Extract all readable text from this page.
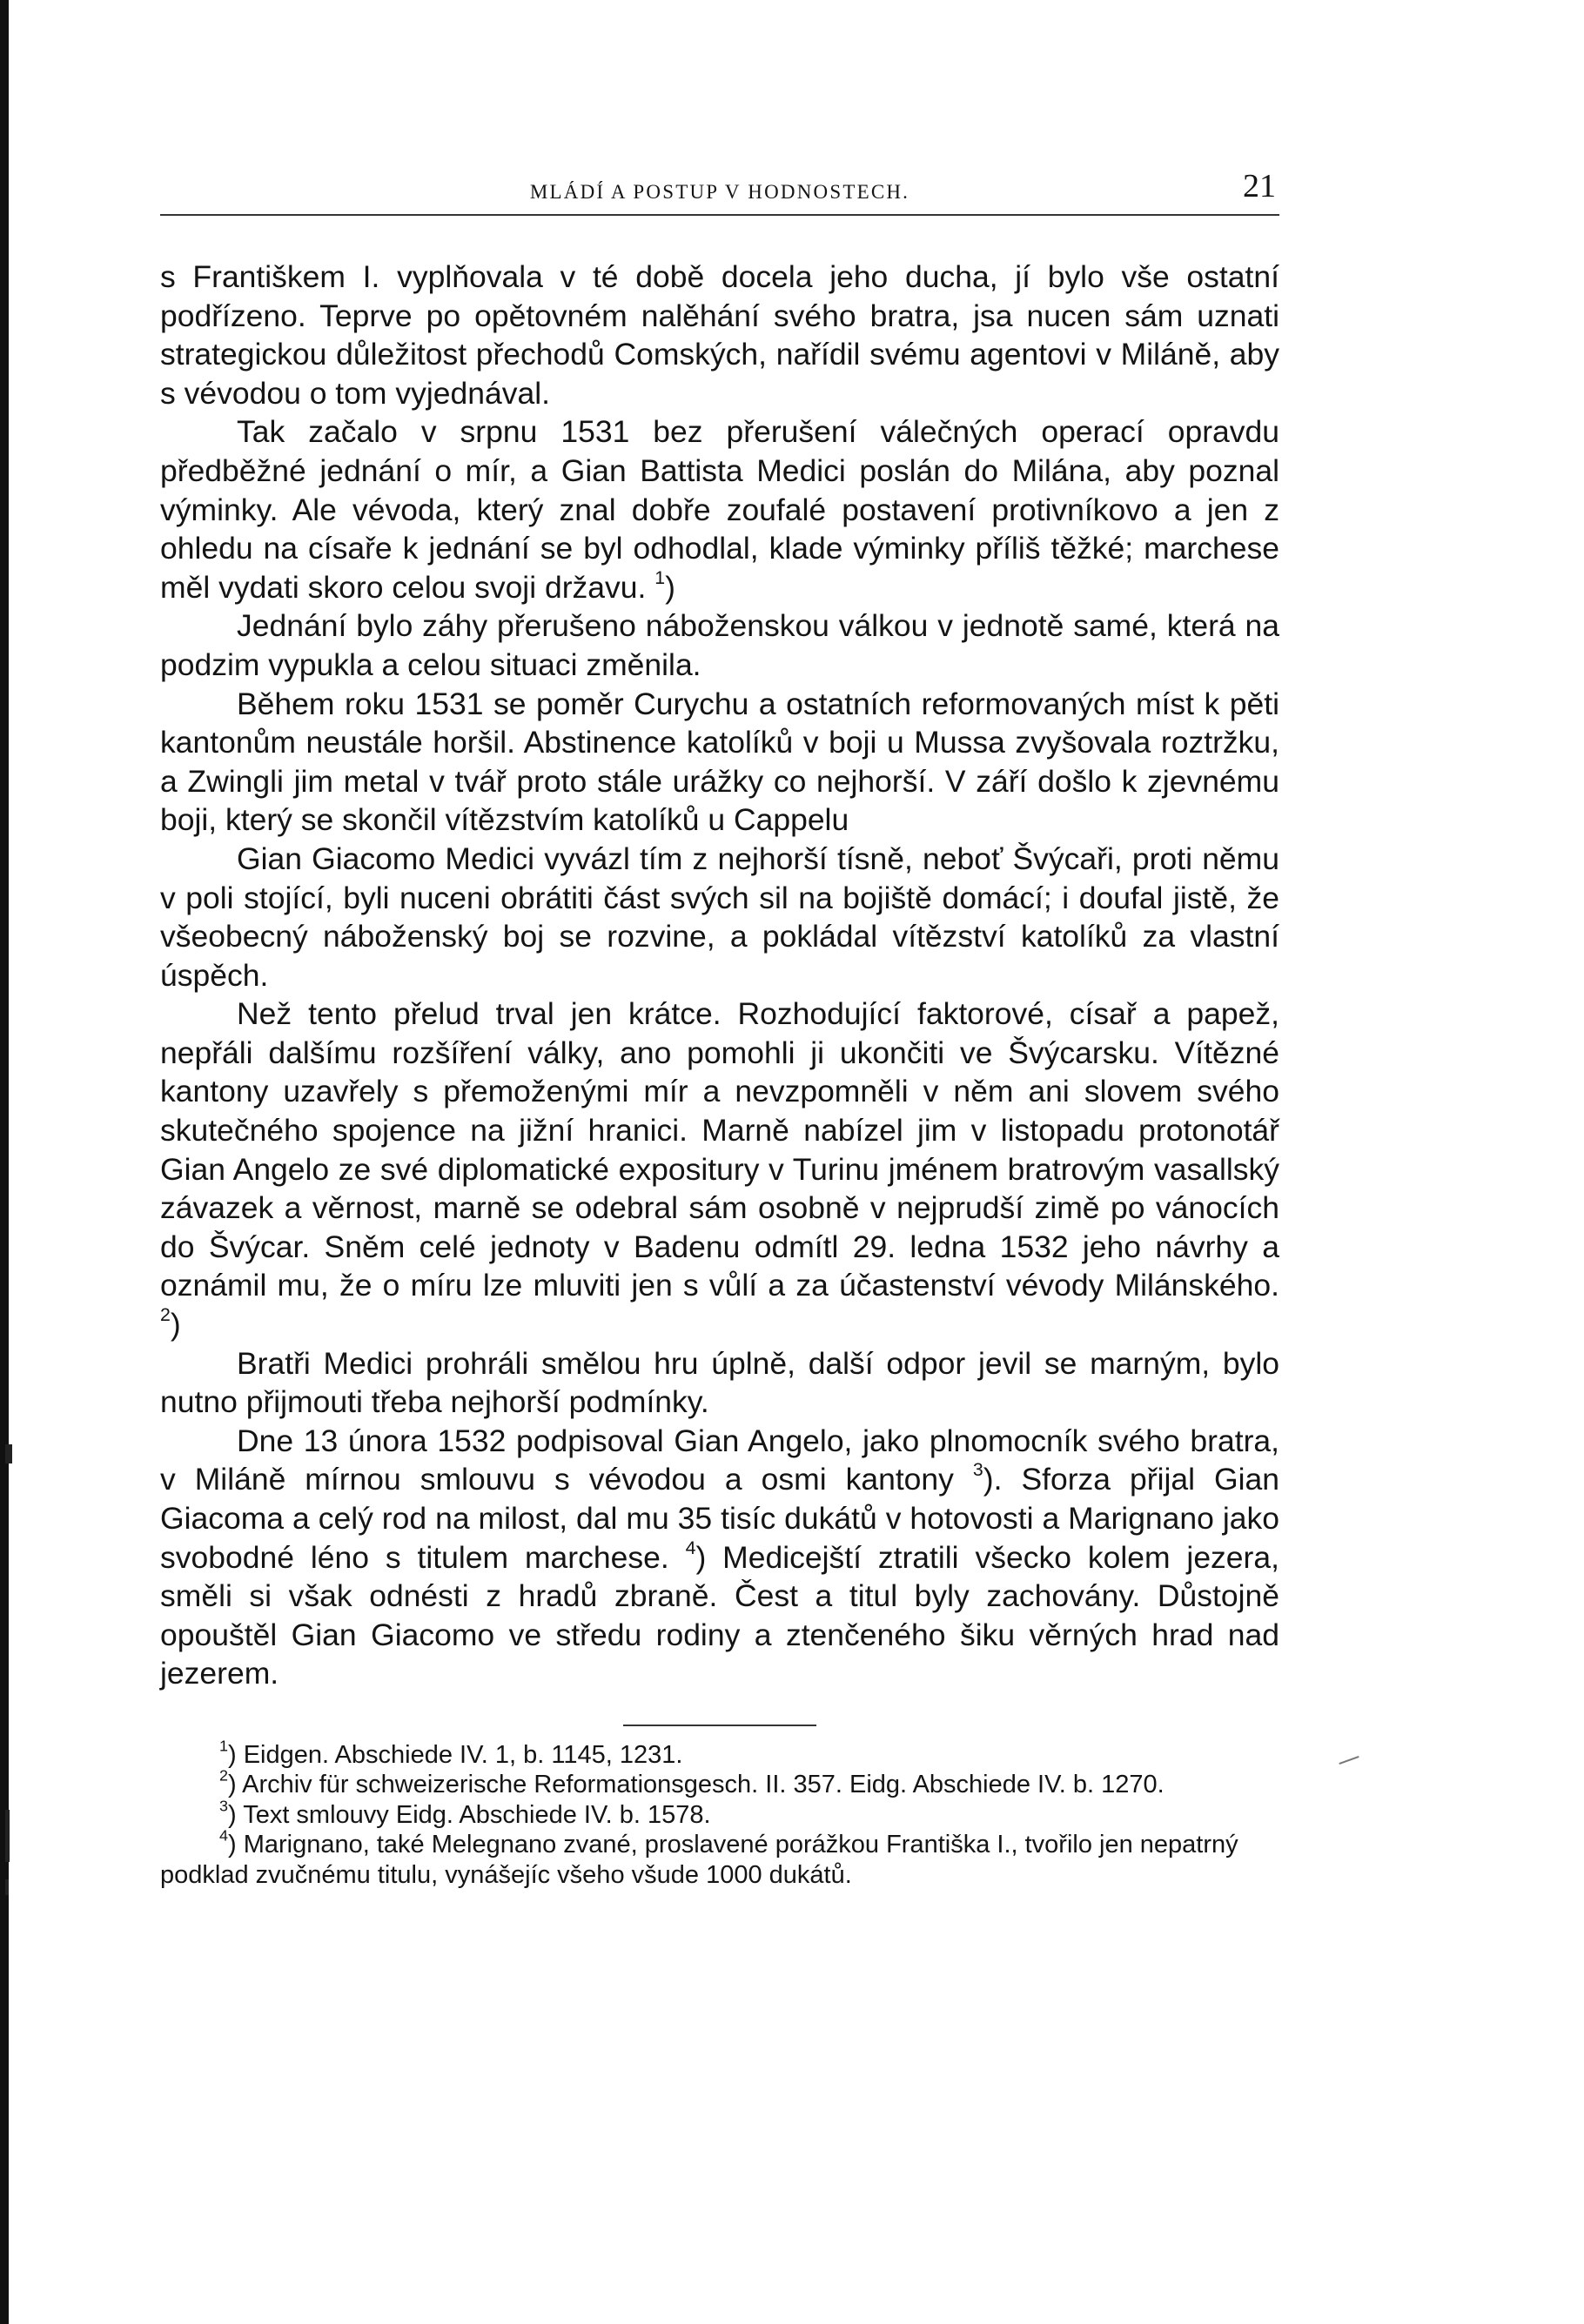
MLÁDÍ A POSTUP V HODNOSTECH.	21

s Františkem I. vyplňovala v té době docela jeho ducha, jí bylo vše ostatní podřízeno. Teprve po opětovném nalěhání svého bratra, jsa nucen sám uznati strategickou důležitost přechodů Comských, nařídil svému agentovi v Miláně, aby s vévodou o tom vyjednával.

Tak začalo v srpnu 1531 bez přerušení válečných operací opravdu předběžné jednání o mír, a Gian Battista Medici poslán do Milána, aby poznal výminky. Ale vévoda, který znal dobře zoufalé postavení protivníkovo a jen z ohledu na císaře k jednání se byl odhodlal, klade výminky příliš těžké; marchese měl vydati skoro celou svoji državu. $^1$)

Jednání bylo záhy přerušeno náboženskou válkou v jednotě samé, která na podzim vypukla a celou situaci změnila.

Během roku 1531 se poměr Curychu a ostatních reformovaných míst k pěti kantonům neustále horšil. Abstinence katolíků v boji u Mussa zvyšovala roztržku, a Zwingli jim metal v tvář proto stále urážky co nejhorší. V září došlo k zjevnému boji, který se skončil vítězstvím katolíků u Cappelu

Gian Giacomo Medici vyvázl tím z nejhorší tísně, neboť Švýcaři, proti němu v poli stojící, byli nuceni obrátiti část svých sil na bojiště domácí; i doufal jistě, že všeobecný náboženský boj se rozvine, a pokládal vítězství katolíků za vlastní úspěch.

Než tento přelud trval jen krátce. Rozhodující faktorové, císař a papež, nepřáli dalšímu rozšíření války, ano pomohli ji ukončiti ve Švýcarsku. Vítězné kantony uzavřely s přemoženými mír a nevzpomněli v něm ani slovem svého skutečného spojence na jižní hranici. Marně nabízel jim v listopadu protonotář Gian Angelo ze své diplomatické expositury v Turinu jménem bratrovým vasallský závazek a věrnost, marně se odebral sám osobně v nejprudší zimě po vánocích do Švýcar. Sněm celé jednoty v Badenu odmítl 29. ledna 1532 jeho návrhy a oznámil mu, že o míru lze mluviti jen s vůlí a za účastenství vévody Milánského. $^2$)

Bratři Medici prohráli smělou hru úplně, další odpor jevil se marným, bylo nutno přijmouti třeba nejhorší podmínky.

Dne 13 února 1532 podpisoval Gian Angelo, jako plnomocník svého bratra, v Miláně mírnou smlouvu s vévodou a osmi kantony $^3$). Sforza přijal Gian Giacoma a celý rod na milost, dal mu 35 tisíc dukátů v hotovosti a Marignano jako svobodné léno s titulem marchese. $^4$) Medicejští ztratili všecko kolem jezera, směli si však odnésti z hradů zbraně. Čest a titul byly zachovány. Důstojně opouštěl Gian Giacomo ve středu rodiny a ztenčeného šiku věrných hrad nad jezerem.

$^1$) Eidgen. Abschiede IV. 1, b. 1145, 1231.

$^2$) Archiv für schweizerische Reformationsgesch. II. 357. Eidg. Abschiede IV. b. 1270.

$^3$) Text smlouvy Eidg. Abschiede IV. b. 1578.

$^4$) Marignano, také Melegnano zvané, proslavené porážkou Františka I., tvořilo jen nepatrný podklad zvučnému titulu, vynášejíc všeho všude 1000 dukátů.
